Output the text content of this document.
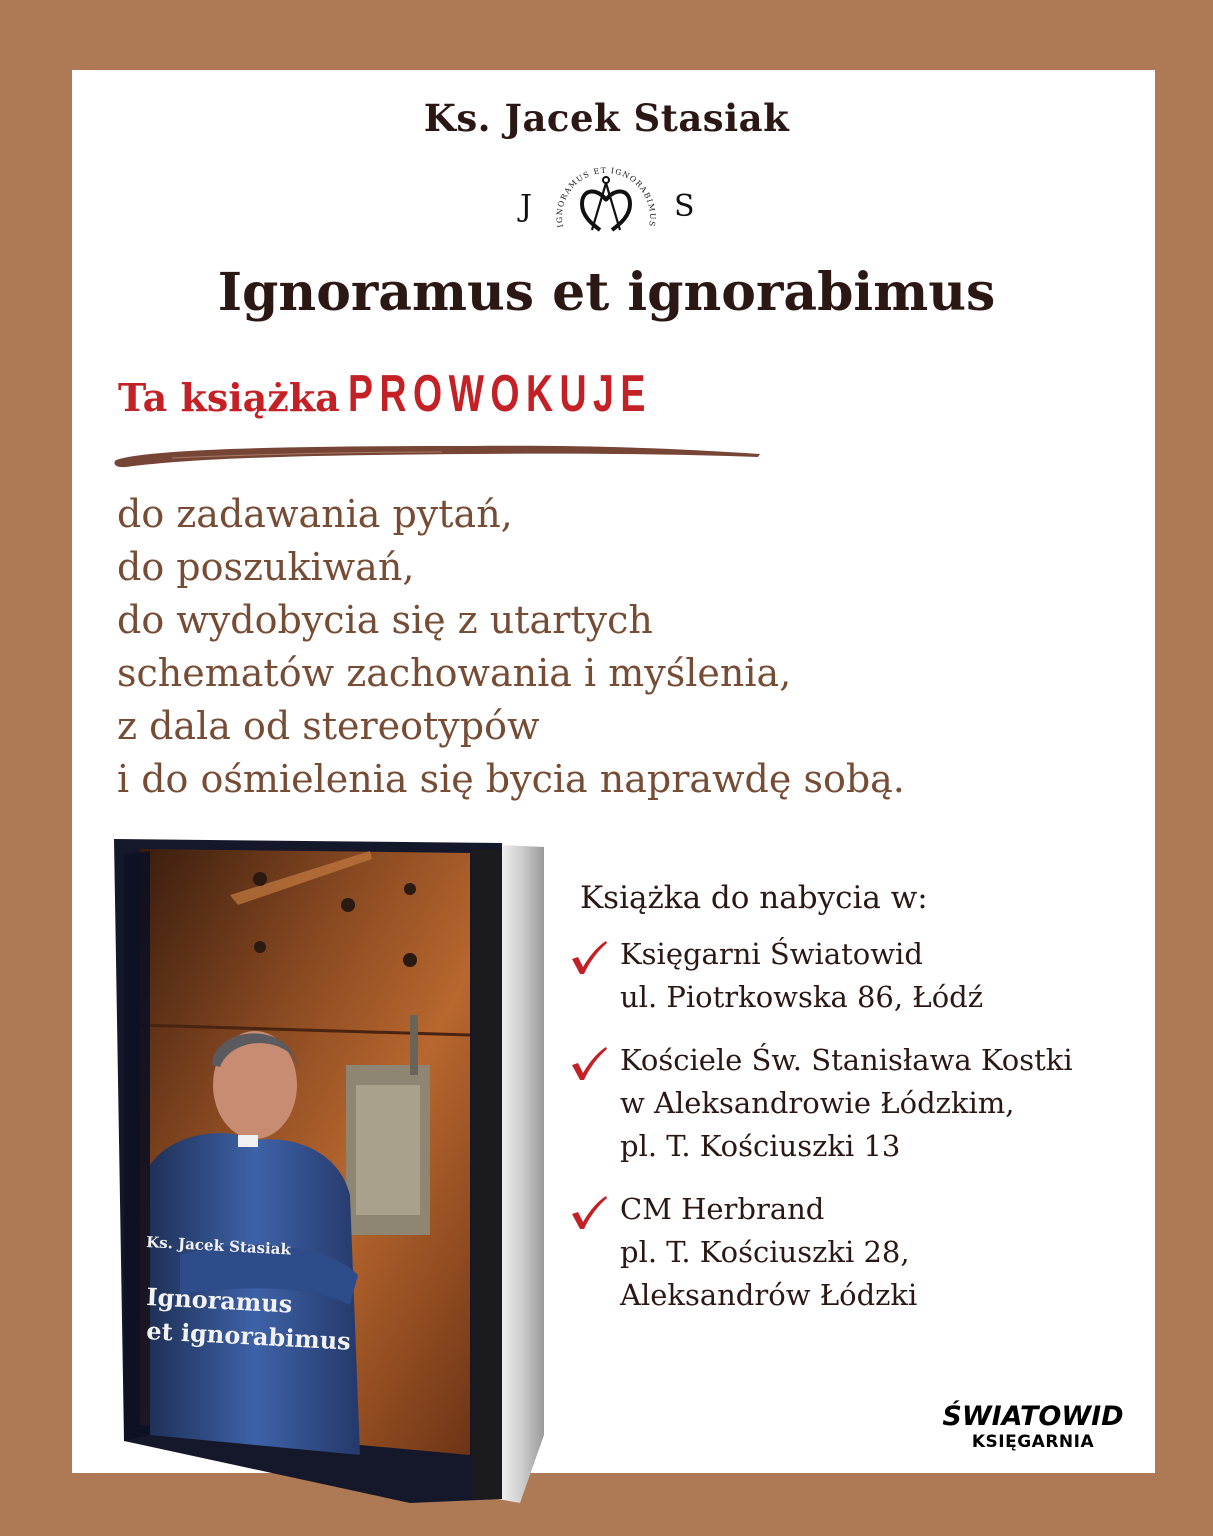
Ks. Jacek Stasiak
J	S
IGNORAMUS ET IGNORABIMUS
Ignoramus et ignorabimus
Ta książka PROWOKUJE
do zadawania pytań,
do poszukiwań,
do wydobycia się z utartych
schematów zachowania i myślenia,
z dala od stereotypów
i do ośmielenia się bycia naprawdę sobą.
Ks. Jacek Stasiak
Ignoramus
et ignorabimus
Książka do nabycia w:
Księgarni Światowid
ul. Piotrkowska 86, Łódź
Kościele Św. Stanisława Kostki
w Aleksandrowie Łódzkim,
pl. T. Kościuszki 13
CM Herbrand
pl. T. Kościuszki 28,
Aleksandrów Łódzki
ŚWIATOWID
KSIĘGARNIA
